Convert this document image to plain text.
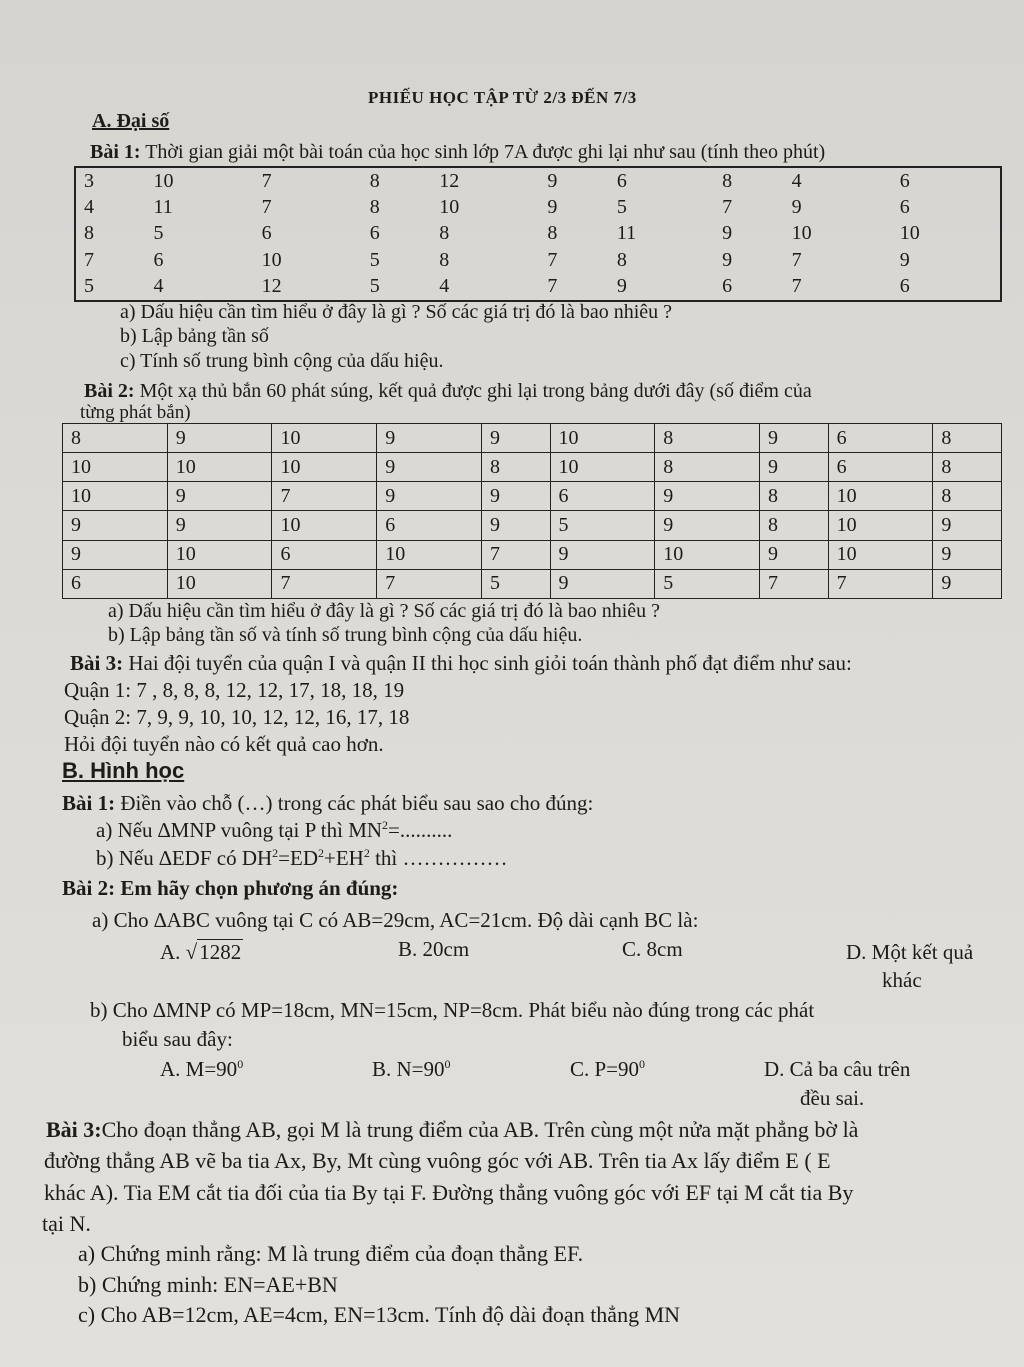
PHIẾU HỌC TẬP TỪ 2/3 ĐẾN 7/3
A. Đại số
Bài 1: Thời gian giải một bài toán của học sinh lớp 7A được ghi lại như sau (tính theo phút)
3	10	7	8	12	9	6	8	4	6
4	11	7	8	10	9	5	7	9	6
8	5	6	6	8	8	11	9	10	10
7	6	10	5	8	7	8	9	7	9
5	4	12	5	4	7	9	6	7	6
a) Dấu hiệu cần tìm hiểu ở đây là gì ? Số các giá trị đó là bao nhiêu ?
b) Lập bảng tần số
c) Tính số trung bình cộng của dấu hiệu.
Bài 2: Một xạ thủ bắn 60 phát súng, kết quả được ghi lại trong bảng dưới đây (số điểm của
từng phát bắn)
8	9	10	9	9	10	8	9	6	8
10	10	10	9	8	10	8	9	6	8
10	9	7	9	9	6	9	8	10	8
9	9	10	6	9	5	9	8	10	9
9	10	6	10	7	9	10	9	10	9
6	10	7	7	5	9	5	7	7	9
a) Dấu hiệu cần tìm hiểu ở đây là gì ? Số các giá trị đó là bao nhiêu ?
b) Lập bảng tần số và tính số trung bình cộng của dấu hiệu.
Bài 3: Hai đội tuyển của quận I và quận II thi học sinh giỏi toán thành phố đạt điểm như sau:
Quận 1: 7 , 8, 8, 8, 12, 12, 17, 18, 18, 19
Quận 2: 7, 9, 9, 10, 10, 12, 12, 16, 17, 18
Hỏi đội tuyển nào có kết quả cao hơn.
B. Hình học
Bài 1: Điền vào chỗ (…) trong các phát biểu sau sao cho đúng:
a) Nếu ∆MNP vuông tại P thì $MN^2=$..........
b) Nếu ∆EDF có $DH^2=ED^2+EH^2$ thì ……………
Bài 2: Em hãy chọn phương án đúng:
a) Cho ∆ABC vuông tại C có AB=29cm, AC=21cm. Độ dài cạnh BC là:
A. √1282	B. 20cm	C. 8cm	D. Một kết quả
khác
b) Cho ∆MNP có MP=18cm, MN=15cm, NP=8cm. Phát biểu nào đúng trong các phát
biểu sau đây:
A. $M=90^0$	B. $N=90^0$	C. $P=90^0$	D. Cả ba câu trên
đều sai.
Bài 3:Cho đoạn thẳng AB, gọi M là trung điểm của AB. Trên cùng một nửa mặt phẳng bờ là
đường thẳng AB vẽ ba tia Ax, By, Mt cùng vuông góc với AB. Trên tia Ax lấy điểm E ( E
khác A). Tia EM cắt tia đối của tia By tại F. Đường thẳng vuông góc với EF tại M cắt tia By
tại N.
a) Chứng minh rằng: M là trung điểm của đoạn thẳng EF.
b) Chứng minh: EN=AE+BN
c) Cho AB=12cm, AE=4cm, EN=13cm. Tính độ dài đoạn thẳng MN
